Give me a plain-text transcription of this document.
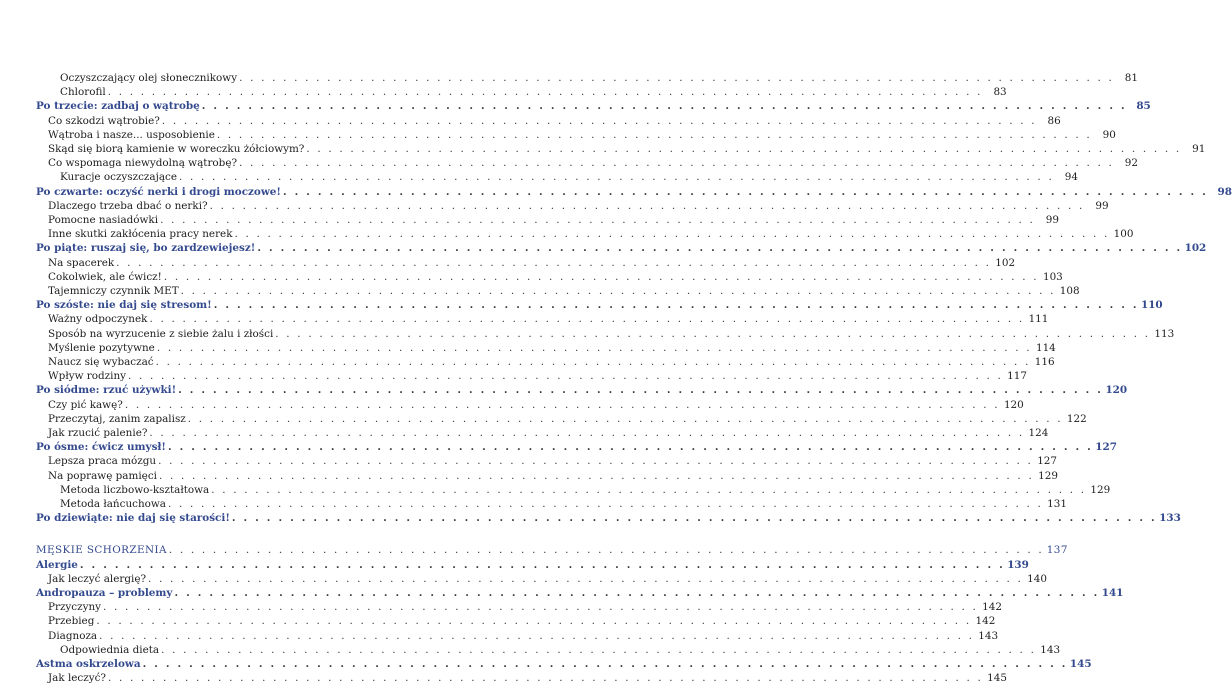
Oczyszczający olej słonecznikowy . . . . . . . . . . . . . . . . . . . . . . . . . . . . . . . . . . . . . . . . . . . . . . . . . . . . . . . . . . . . . . . . . . . . . . . . . . . . . . . .	81
Chlorofil . . . . . . . . . . . . . . . . . . . . . . . . . . . . . . . . . . . . . . . . . . . . . . . . . . . . . . . . . . . . . . . . . . . . . . . . . . . . . . . .	83
Po trzecie: zadbaj o wątrobę . . . . . . . . . . . . . . . . . . . . . . . . . . . . . . . . . . . . . . . . . . . . . . . . . . . . . . . . . . . . . . . . . . . . . . . . . . . . . . . . 85
Co szkodzi wątrobie? . . . . . . . . . . . . . . . . . . . . . . . . . . . . . . . . . . . . . . . . . . . . . . . . . . . . . . . . . . . . . . . . . . . . . . . . . . . . . . . .	86
Wątroba i nasze... usposobienie . . . . . . . . . . . . . . . . . . . . . . . . . . . . . . . . . . . . . . . . . . . . . . . . . . . . . . . . . . . . . . . . . . . . . . . . . . . . . . . .	90
Skąd się biorą kamienie w woreczku żółciowym? . . . . . . . . . . . . . . . . . . . . . . . . . . . . . . . . . . . . . . . . . . . . . . . . . . . . . . . . . . . . . . . . . . . . . . . . . . . . . . . .	91
Co wspomaga niewydolną wątrobę? . . . . . . . . . . . . . . . . . . . . . . . . . . . . . . . . . . . . . . . . . . . . . . . . . . . . . . . . . . . . . . . . . . . . . . . . . . . . . . . .	92
Kuracje oczyszczające . . . . . . . . . . . . . . . . . . . . . . . . . . . . . . . . . . . . . . . . . . . . . . . . . . . . . . . . . . . . . . . . . . . . . . . . . . . . . . . .	94
Po czwarte: oczyść nerki i drogi moczowe! . . . . . . . . . . . . . . . . . . . . . . . . . . . . . . . . . . . . . . . . . . . . . . . . . . . . . . . . . . . . . . . . . . . . . . . . . . . . . . . . 98
Dlaczego trzeba dbać o nerki? . . . . . . . . . . . . . . . . . . . . . . . . . . . . . . . . . . . . . . . . . . . . . . . . . . . . . . . . . . . . . . . . . . . . . . . . . . . . . . . .	99
Pomocne nasiadówki . . . . . . . . . . . . . . . . . . . . . . . . . . . . . . . . . . . . . . . . . . . . . . . . . . . . . . . . . . . . . . . . . . . . . . . . . . . . . . . .	99
Inne skutki zakłócenia pracy nerek . . . . . . . . . . . . . . . . . . . . . . . . . . . . . . . . . . . . . . . . . . . . . . . . . . . . . . . . . . . . . . . . . . . . . . . . . . . . . . . . 100
Po piąte: ruszaj się, bo zardzewiejesz! . . . . . . . . . . . . . . . . . . . . . . . . . . . . . . . . . . . . . . . . . . . . . . . . . . . . . . . . . . . . . . . . . . . . . . . . . . . . . . . . 102
Na spacerek . . . . . . . . . . . . . . . . . . . . . . . . . . . . . . . . . . . . . . . . . . . . . . . . . . . . . . . . . . . . . . . . . . . . . . . . . . . . . . . . 102
Cokolwiek, ale ćwicz! . . . . . . . . . . . . . . . . . . . . . . . . . . . . . . . . . . . . . . . . . . . . . . . . . . . . . . . . . . . . . . . . . . . . . . . . . . . . . . . . 103
Tajemniczy czynnik MET . . . . . . . . . . . . . . . . . . . . . . . . . . . . . . . . . . . . . . . . . . . . . . . . . . . . . . . . . . . . . . . . . . . . . . . . . . . . . . . . 108
Po szóste: nie daj się stresom! . . . . . . . . . . . . . . . . . . . . . . . . . . . . . . . . . . . . . . . . . . . . . . . . . . . . . . . . . . . . . . . . . . . . . . . . . . . . . . . . 110
Ważny odpoczynek . . . . . . . . . . . . . . . . . . . . . . . . . . . . . . . . . . . . . . . . . . . . . . . . . . . . . . . . . . . . . . . . . . . . . . . . . . . . . . . . 111
Sposób na wyrzucenie z siebie żalu i złości . . . . . . . . . . . . . . . . . . . . . . . . . . . . . . . . . . . . . . . . . . . . . . . . . . . . . . . . . . . . . . . . . . . . . . . . . . . . . . . . 113
Myślenie pozytywne . . . . . . . . . . . . . . . . . . . . . . . . . . . . . . . . . . . . . . . . . . . . . . . . . . . . . . . . . . . . . . . . . . . . . . . . . . . . . . . . 114
Naucz się wybaczać . . . . . . . . . . . . . . . . . . . . . . . . . . . . . . . . . . . . . . . . . . . . . . . . . . . . . . . . . . . . . . . . . . . . . . . . . . . . . . . . 116
Wpływ rodziny . . . . . . . . . . . . . . . . . . . . . . . . . . . . . . . . . . . . . . . . . . . . . . . . . . . . . . . . . . . . . . . . . . . . . . . . . . . . . . . . 117
Po siódme: rzuć używki! . . . . . . . . . . . . . . . . . . . . . . . . . . . . . . . . . . . . . . . . . . . . . . . . . . . . . . . . . . . . . . . . . . . . . . . . . . . . . . . . 120
Czy pić kawę? . . . . . . . . . . . . . . . . . . . . . . . . . . . . . . . . . . . . . . . . . . . . . . . . . . . . . . . . . . . . . . . . . . . . . . . . . . . . . . . . 120
Przeczytaj, zanim zapalisz . . . . . . . . . . . . . . . . . . . . . . . . . . . . . . . . . . . . . . . . . . . . . . . . . . . . . . . . . . . . . . . . . . . . . . . . . . . . . . . . 122
Jak rzucić palenie? . . . . . . . . . . . . . . . . . . . . . . . . . . . . . . . . . . . . . . . . . . . . . . . . . . . . . . . . . . . . . . . . . . . . . . . . . . . . . . . . 124
Po ósme: ćwicz umysł! . . . . . . . . . . . . . . . . . . . . . . . . . . . . . . . . . . . . . . . . . . . . . . . . . . . . . . . . . . . . . . . . . . . . . . . . . . . . . . . . 127
Lepsza praca mózgu . . . . . . . . . . . . . . . . . . . . . . . . . . . . . . . . . . . . . . . . . . . . . . . . . . . . . . . . . . . . . . . . . . . . . . . . . . . . . . . . 127
Na poprawę pamięci . . . . . . . . . . . . . . . . . . . . . . . . . . . . . . . . . . . . . . . . . . . . . . . . . . . . . . . . . . . . . . . . . . . . . . . . . . . . . . . . 129
Metoda liczbowo-kształtowa . . . . . . . . . . . . . . . . . . . . . . . . . . . . . . . . . . . . . . . . . . . . . . . . . . . . . . . . . . . . . . . . . . . . . . . . . . . . . . . . 129
Metoda łańcuchowa . . . . . . . . . . . . . . . . . . . . . . . . . . . . . . . . . . . . . . . . . . . . . . . . . . . . . . . . . . . . . . . . . . . . . . . . . . . . . . . . 131
Po dziewiąte: nie daj się starości! . . . . . . . . . . . . . . . . . . . . . . . . . . . . . . . . . . . . . . . . . . . . . . . . . . . . . . . . . . . . . . . . . . . . . . . . . . . . . . . . 133
MĘSKIE SCHORZENIA . . . . . . . . . . . . . . . . . . . . . . . . . . . . . . . . . . . . . . . . . . . . . . . . . . . . . . . . . . . . . . . . . . . . . . . . . . . . . . . . 137
Alergie . . . . . . . . . . . . . . . . . . . . . . . . . . . . . . . . . . . . . . . . . . . . . . . . . . . . . . . . . . . . . . . . . . . . . . . . . . . . . . . . 139
Jak leczyć alergię? . . . . . . . . . . . . . . . . . . . . . . . . . . . . . . . . . . . . . . . . . . . . . . . . . . . . . . . . . . . . . . . . . . . . . . . . . . . . . . . . 140
Andropauza – problemy . . . . . . . . . . . . . . . . . . . . . . . . . . . . . . . . . . . . . . . . . . . . . . . . . . . . . . . . . . . . . . . . . . . . . . . . . . . . . . . . 141
Przyczyny . . . . . . . . . . . . . . . . . . . . . . . . . . . . . . . . . . . . . . . . . . . . . . . . . . . . . . . . . . . . . . . . . . . . . . . . . . . . . . . . 142
Przebieg . . . . . . . . . . . . . . . . . . . . . . . . . . . . . . . . . . . . . . . . . . . . . . . . . . . . . . . . . . . . . . . . . . . . . . . . . . . . . . . . 142
Diagnoza . . . . . . . . . . . . . . . . . . . . . . . . . . . . . . . . . . . . . . . . . . . . . . . . . . . . . . . . . . . . . . . . . . . . . . . . . . . . . . . . 143
Odpowiednia dieta . . . . . . . . . . . . . . . . . . . . . . . . . . . . . . . . . . . . . . . . . . . . . . . . . . . . . . . . . . . . . . . . . . . . . . . . . . . . . . . . 143
Astma oskrzelowa . . . . . . . . . . . . . . . . . . . . . . . . . . . . . . . . . . . . . . . . . . . . . . . . . . . . . . . . . . . . . . . . . . . . . . . . . . . . . . . . 145
Jak leczyć? . . . . . . . . . . . . . . . . . . . . . . . . . . . . . . . . . . . . . . . . . . . . . . . . . . . . . . . . . . . . . . . . . . . . . . . . . . . . . . . . 145
